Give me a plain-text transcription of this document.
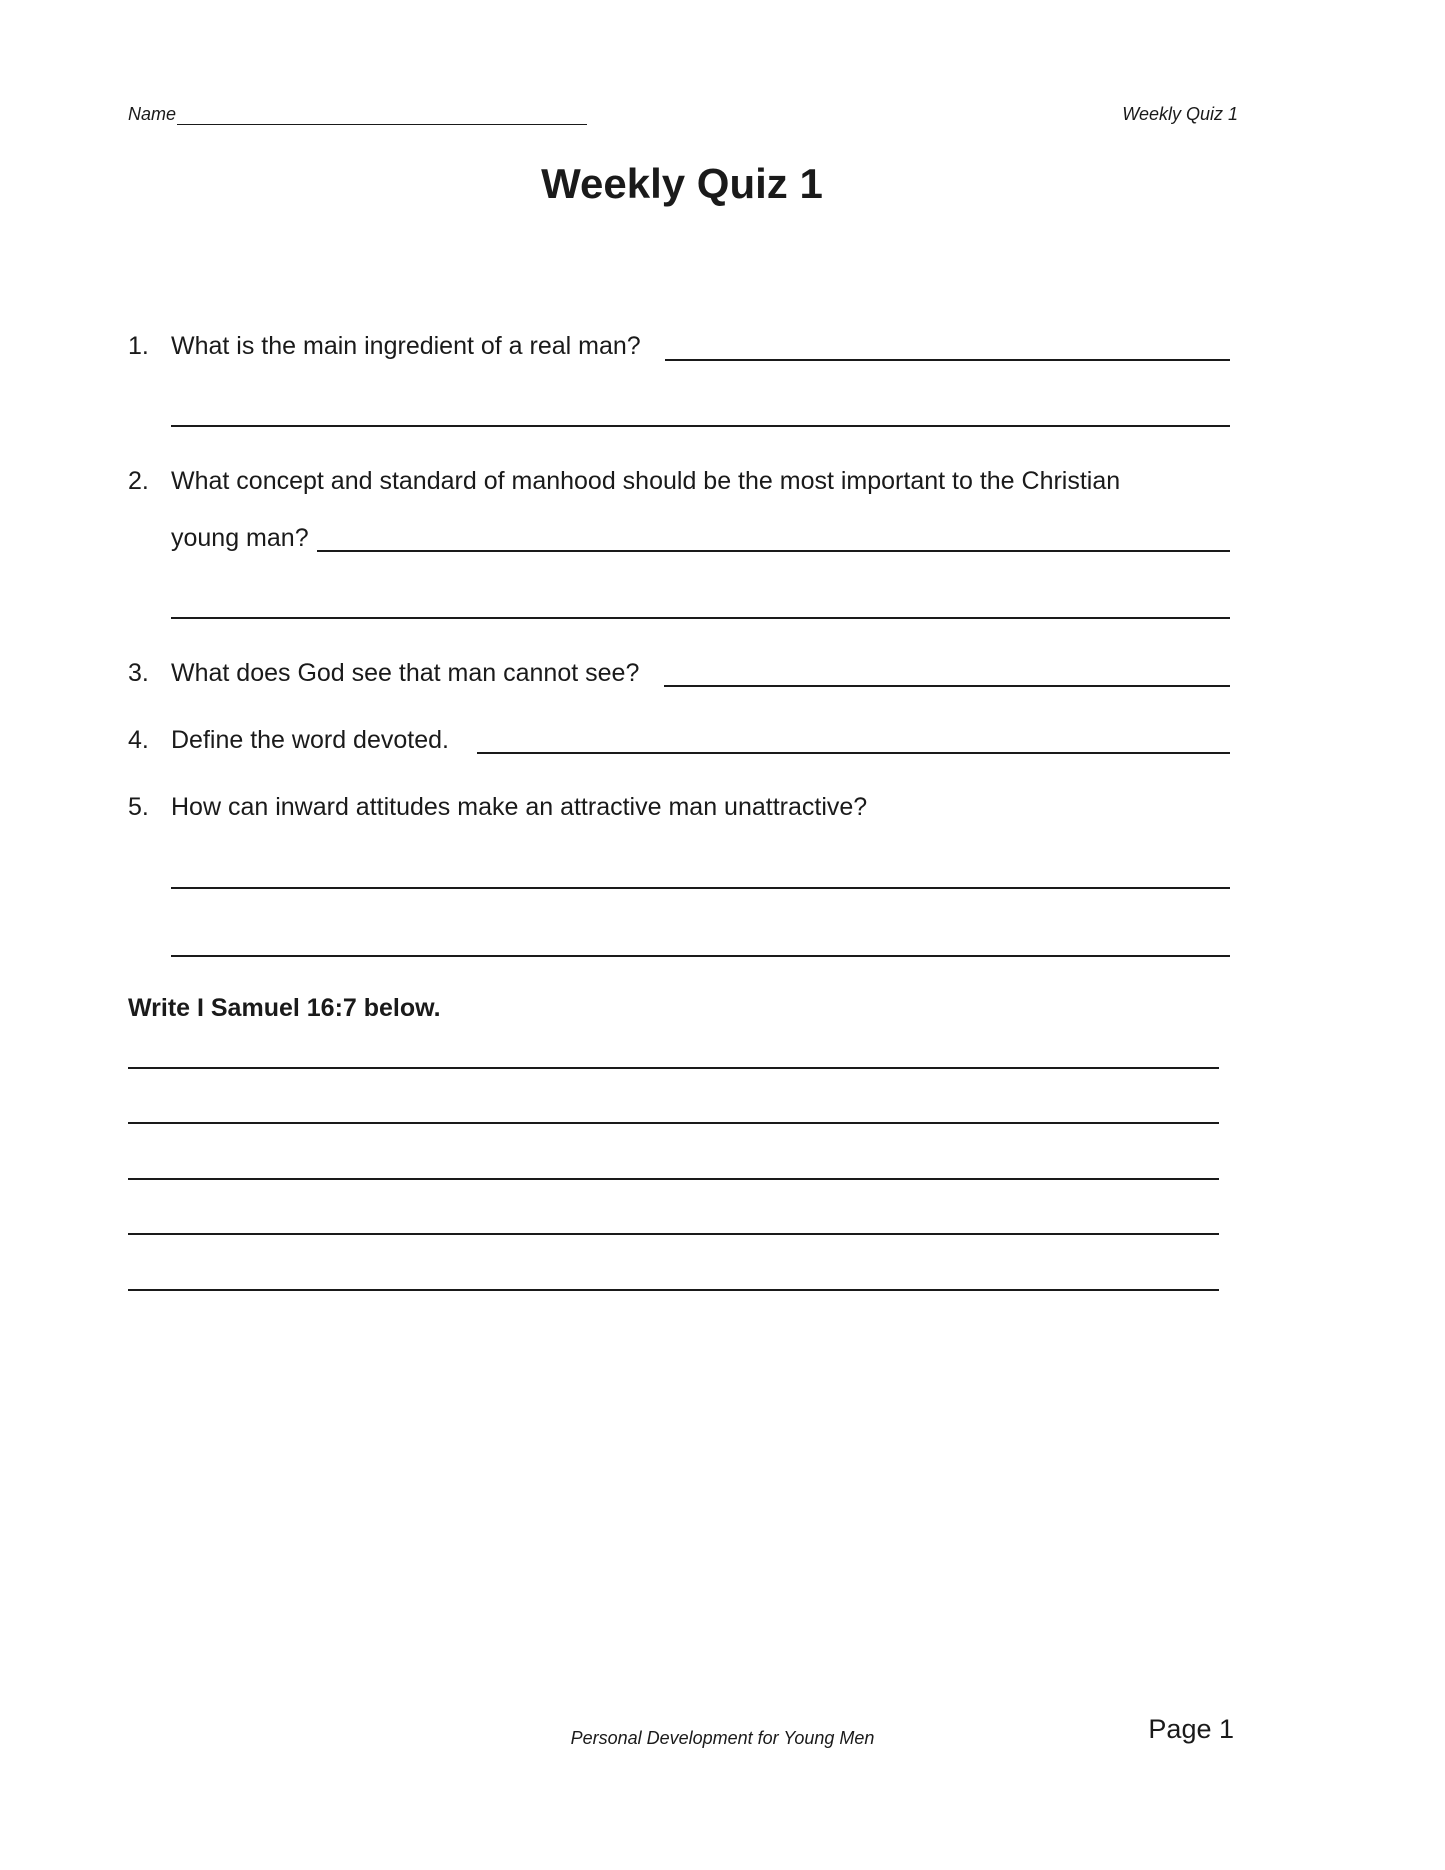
Name	Weekly Quiz 1
Weekly Quiz 1
1. What is the main ingredient of a real man?
2. What concept and standard of manhood should be the most important to the Christian
young man?
3. What does God see that man cannot see?
4. Define the word devoted.
5. How can inward attitudes make an attractive man unattractive?
Write I Samuel 16:7 below.
Personal Development for Young Men	Page 1
